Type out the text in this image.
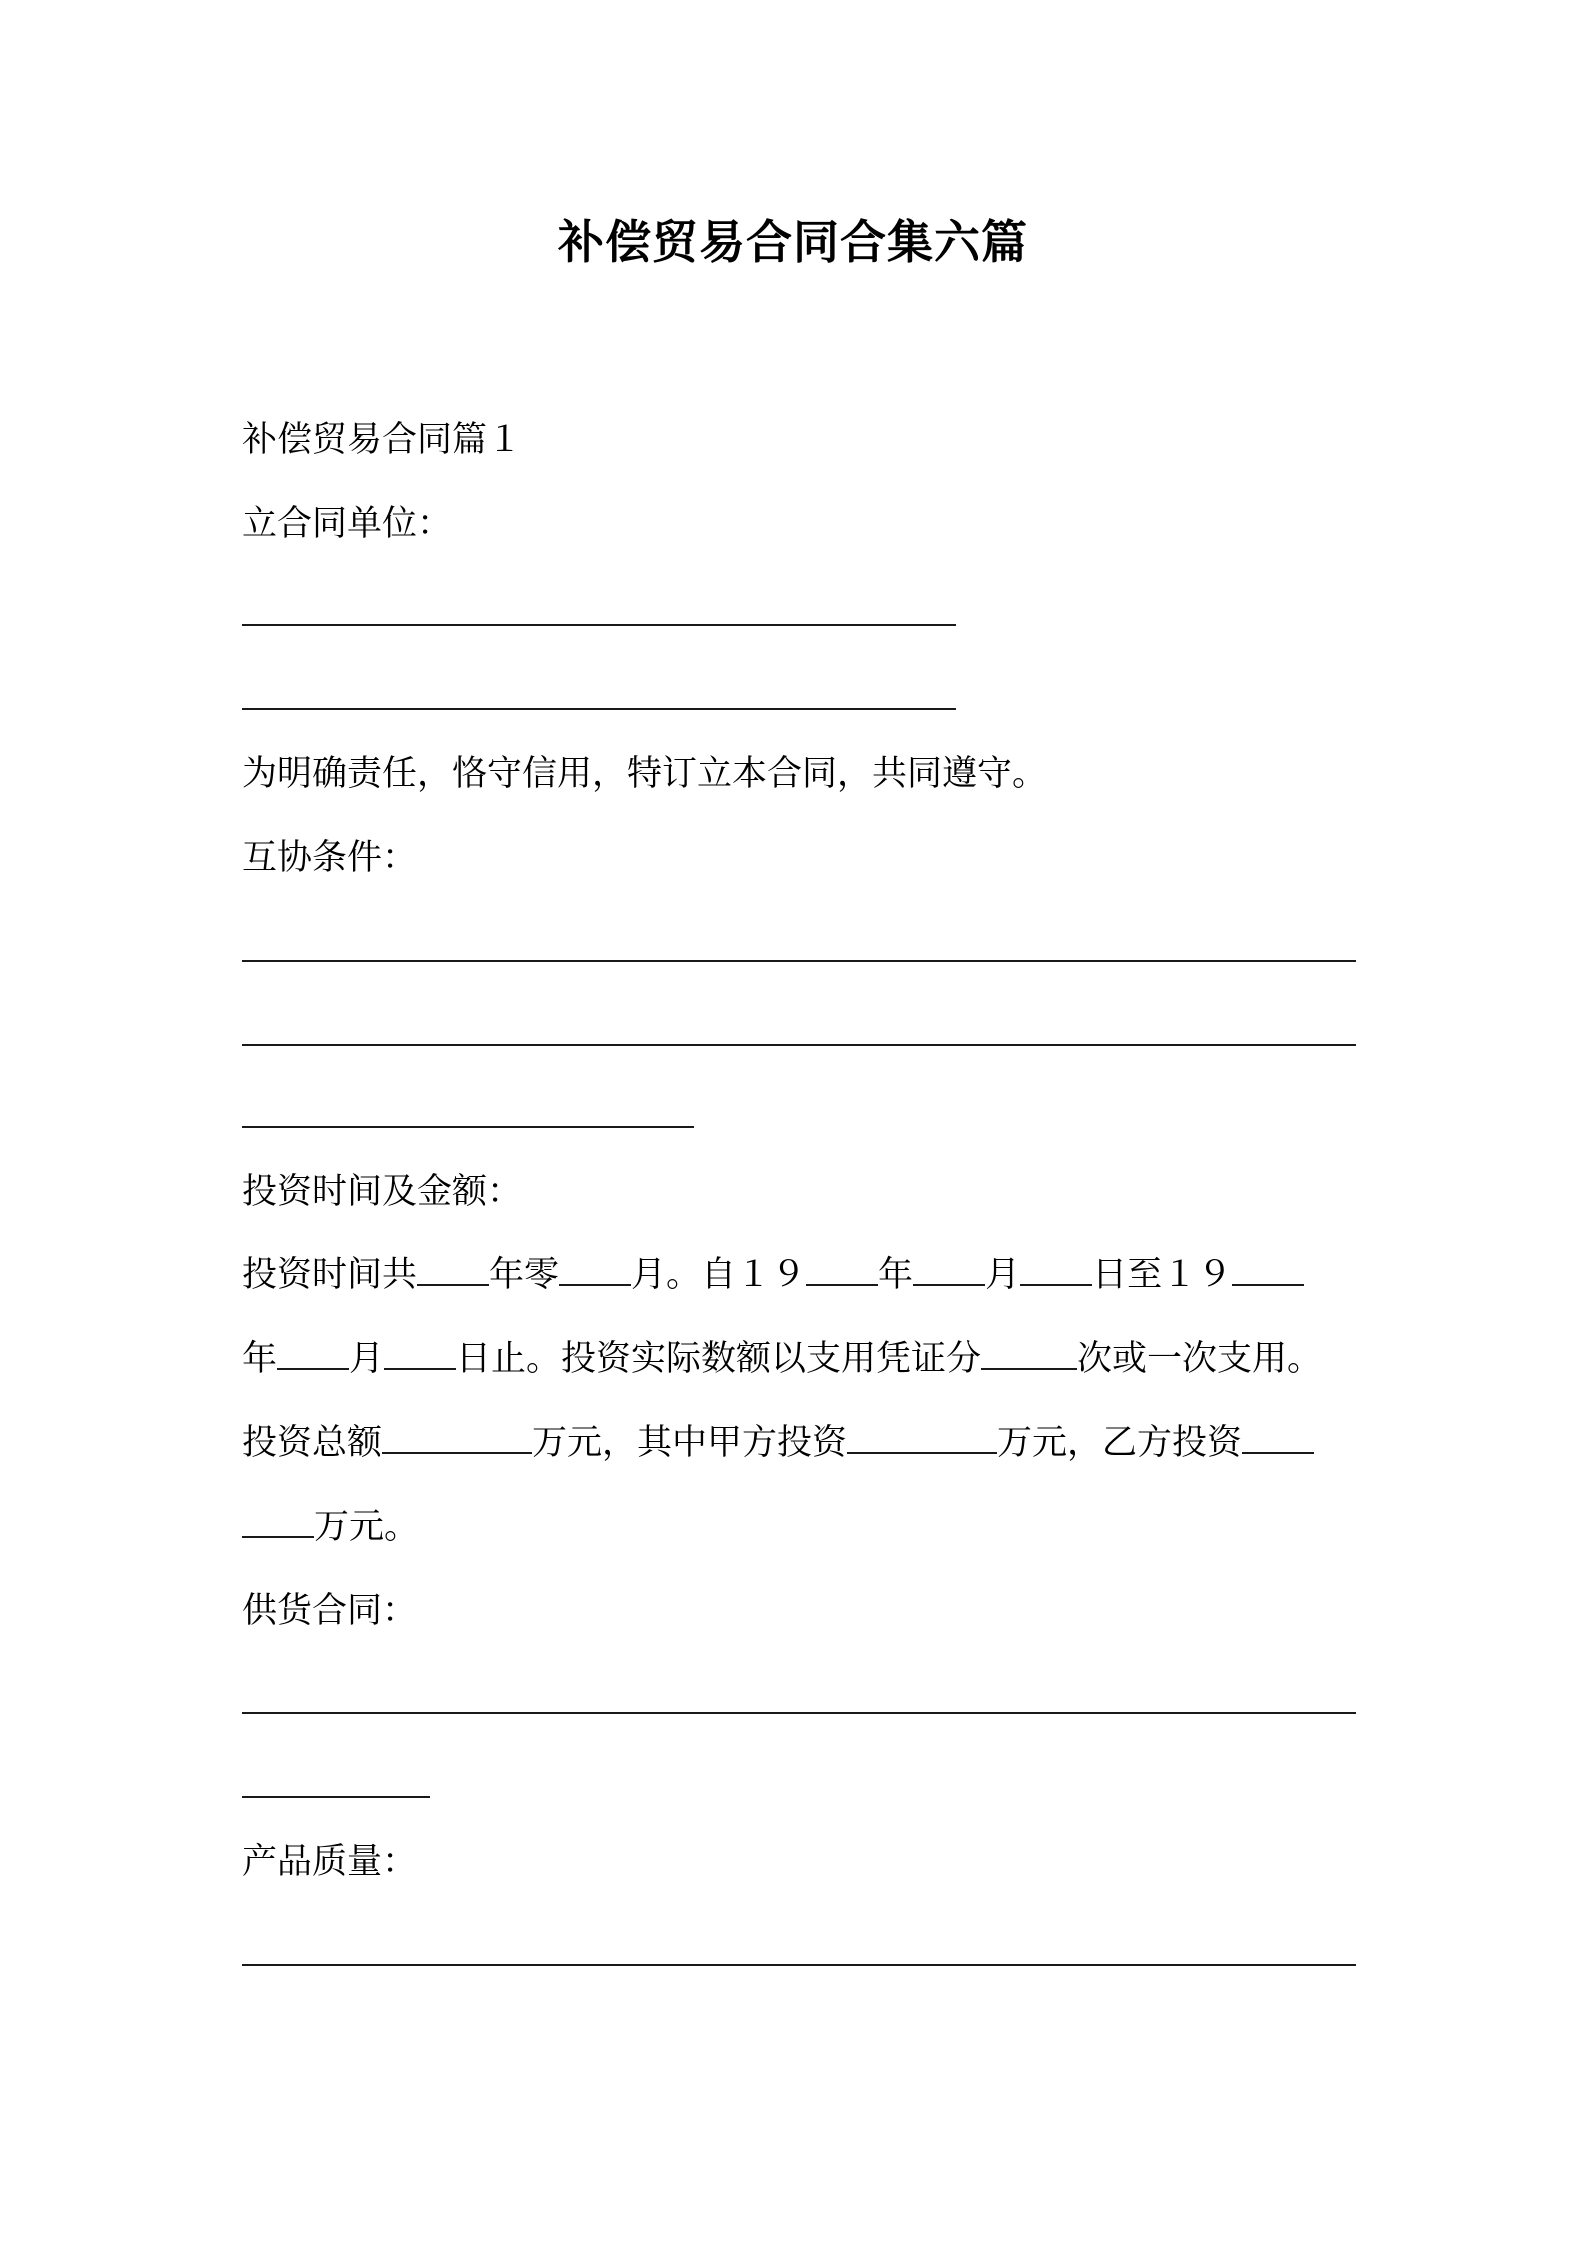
补偿贸易合同合集六篇
补偿贸易合同篇１
立合同单位：
为明确责任，恪守信用，特订立本合同，共同遵守。
互协条件：
投资时间及金额：
投资时间共 年零 月。自１９ 年 月 日至１９
年 月 日止。投资实际数额以支用凭证分	次或一次支用。
投资总额	万元，其中甲方投资	万元，乙方投资
万元。
供货合同：
产品质量：
